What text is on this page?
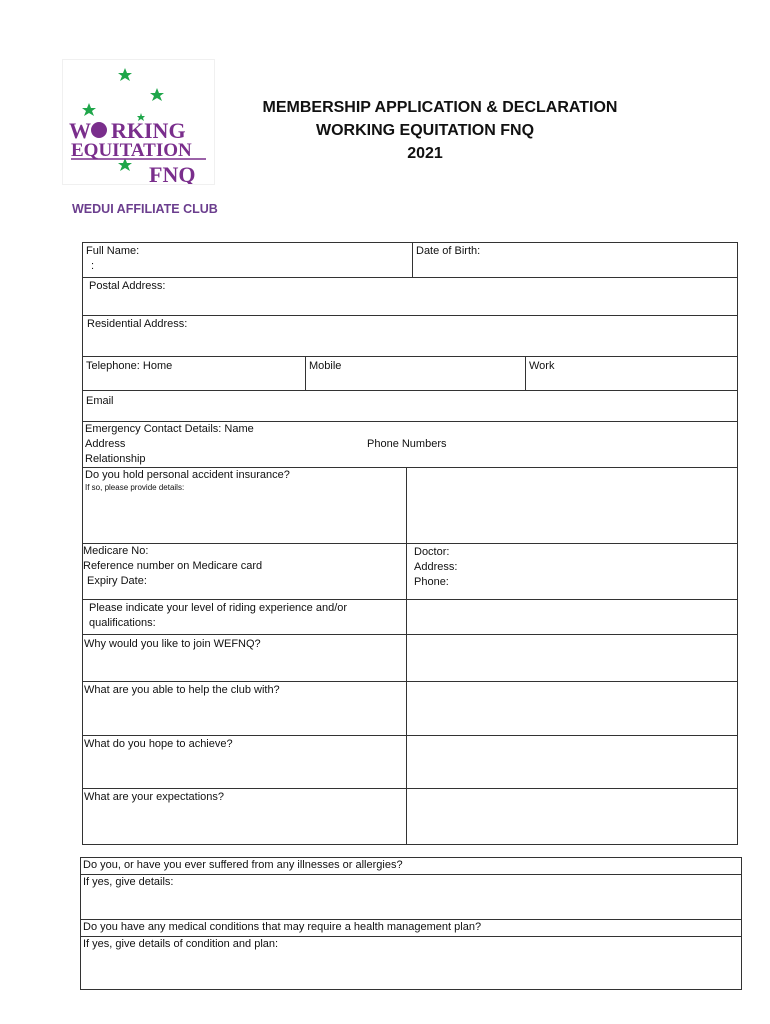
W RKING
EQUITATION
FNQ
MEMBERSHIP APPLICATION & DECLARATION
WORKING EQUITATION FNQ
2021
WEDUI AFFILIATE CLUB
Full Name:
:
Date of Birth:
Postal Address:
Residential Address:
Telephone: Home	Mobile	Work
Email
Emergency Contact Details: Name
Address
Relationship
Phone Numbers
Do you hold personal accident insurance?
If so, please provide details:
Medicare No:
Reference number on Medicare card
Expiry Date:
Doctor:
Address:
Phone:
Please indicate your level of riding experience and/or qualifications:
Why would you like to join WEFNQ?
What are you able to help the club with?
What do you hope to achieve?
What are your expectations?
Do you, or have you ever suffered from any illnesses or allergies?
If yes, give details:
Do you have any medical conditions that may require a health management plan?
If yes, give details of condition and plan:
